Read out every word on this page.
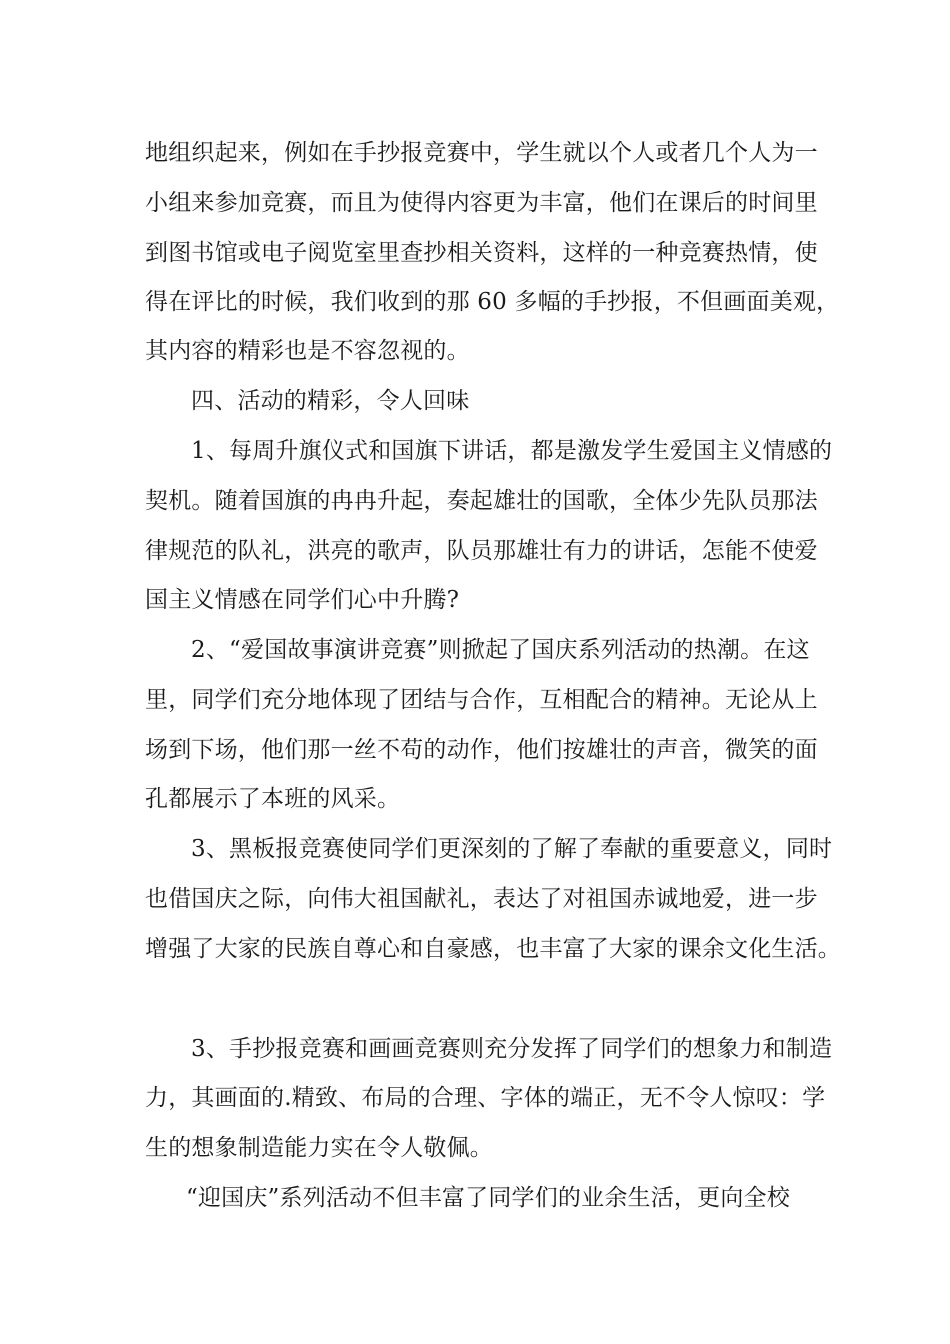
地组织起来，例如在手抄报竞赛中，学生就以个人或者几个人为一
小组来参加竞赛，而且为使得内容更为丰富，他们在课后的时间里
到图书馆或电子阅览室里查抄相关资料，这样的一种竞赛热情，使
得在评比的时候，我们收到的那 60 多幅的手抄报，不但画面美观，
其内容的精彩也是不容忽视的。
四、活动的精彩，令人回味
1、每周升旗仪式和国旗下讲话，都是激发学生爱国主义情感的
契机。随着国旗的冉冉升起，奏起雄壮的国歌，全体少先队员那法
律规范的队礼，洪亮的歌声，队员那雄壮有力的讲话，怎能不使爱
国主义情感在同学们心中升腾?
2、“爱国故事演讲竞赛”则掀起了国庆系列活动的热潮。在这
里，同学们充分地体现了团结与合作，互相配合的精神。无论从上
场到下场，他们那一丝不苟的动作，他们按雄壮的声音，微笑的面
孔都展示了本班的风采。
3、黑板报竞赛使同学们更深刻的了解了奉献的重要意义，同时
也借国庆之际，向伟大祖国献礼，表达了对祖国赤诚地爱，进一步
增强了大家的民族自尊心和自豪感，也丰富了大家的课余文化生活。
3、手抄报竞赛和画画竞赛则充分发挥了同学们的想象力和制造
力，其画面的.精致、布局的合理、字体的端正，无不令人惊叹：学
生的想象制造能力实在令人敬佩。
“迎国庆”系列活动不但丰富了同学们的业余生活，更向全校
